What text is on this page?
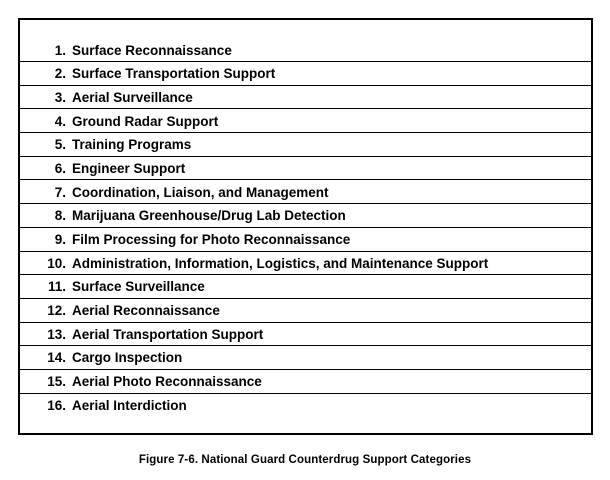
1. Surface Reconnaissance
2. Surface Transportation Support
3. Aerial Surveillance
4. Ground Radar Support
5. Training Programs
6. Engineer Support
7. Coordination, Liaison, and Management
8. Marijuana Greenhouse/Drug Lab Detection
9. Film Processing for Photo Reconnaissance
10. Administration, Information, Logistics, and Maintenance Support
11. Surface Surveillance
12. Aerial Reconnaissance
13. Aerial Transportation Support
14. Cargo Inspection
15. Aerial Photo Reconnaissance
16. Aerial Interdiction
Figure 7-6. National Guard Counterdrug Support Categories
